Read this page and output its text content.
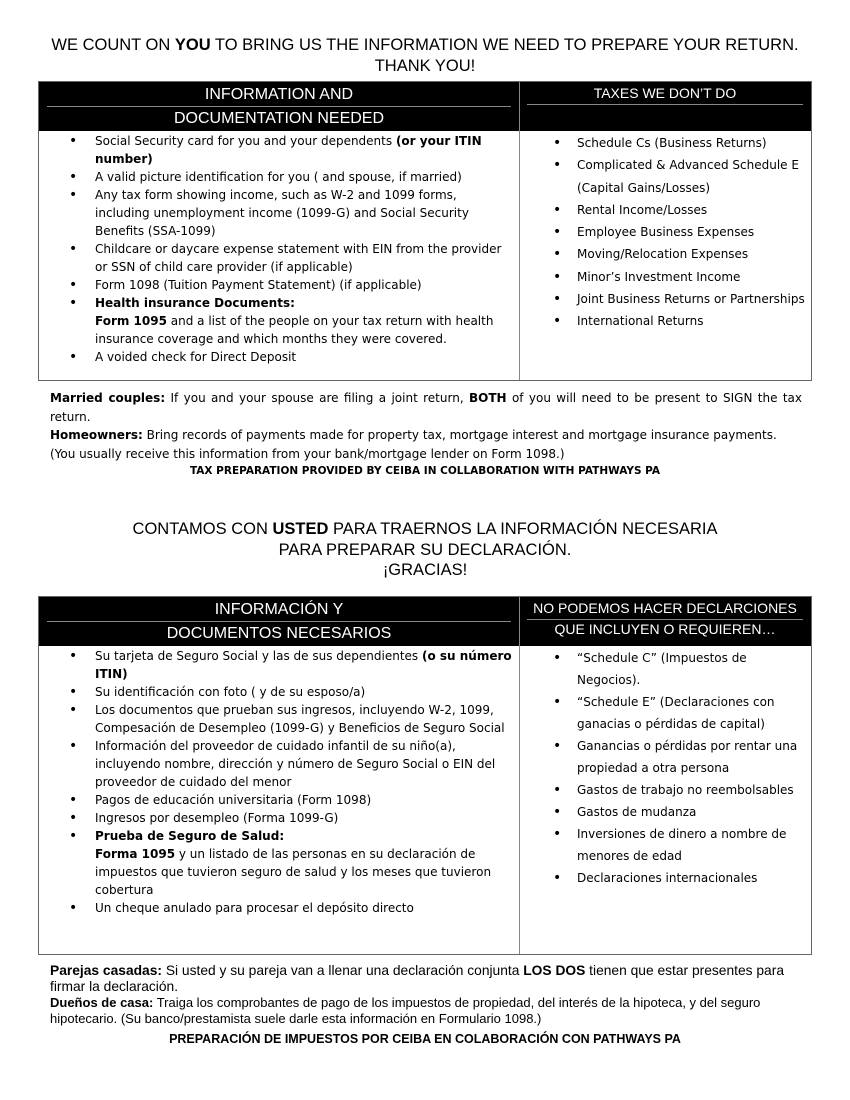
WE COUNT ON YOU TO BRING US THE INFORMATION WE NEED TO PREPARE YOUR RETURN.
THANK YOU!
INFORMATION AND
DOCUMENTATION NEEDED
TAXES WE DON’T DO
• Social Security card for you and your dependents (or your ITIN number)
• A valid picture identification for you ( and spouse, if married)
• Any tax form showing income, such as W-2 and 1099 forms, including unemployment income (1099-G) and Social Security Benefits (SSA-1099)
• Childcare or daycare expense statement with EIN from the provider or SSN of child care provider (if applicable)
• Form 1098 (Tuition Payment Statement) (if applicable)
• Health insurance Documents:
Form 1095 and a list of the people on your tax return with health insurance coverage and which months they were covered.
• A voided check for Direct Deposit
• Schedule Cs (Business Returns)
• Complicated & Advanced Schedule E (Capital Gains/Losses)
• Rental Income/Losses
• Employee Business Expenses
• Moving/Relocation Expenses
• Minor’s Investment Income
• Joint Business Returns or Partnerships
• International Returns
Married couples: If you and your spouse are filing a joint return, BOTH of you will need to be present to SIGN the tax return.
Homeowners: Bring records of payments made for property tax, mortgage interest and mortgage insurance payments. (You usually receive this information from your bank/mortgage lender on Form 1098.)
TAX PREPARATION PROVIDED BY CEIBA IN COLLABORATION WITH PATHWAYS PA
CONTAMOS CON USTED PARA TRAERNOS LA INFORMACIÓN NECESARIA
PARA PREPARAR SU DECLARACIÓN.
¡GRACIAS!
INFORMACIÓN Y
DOCUMENTOS NECESARIOS
NO PODEMOS HACER DECLARCIONES
QUE INCLUYEN O REQUIEREN…
• Su tarjeta de Seguro Social y las de sus dependientes (o su número ITIN)
• Su identificación con foto ( y de su esposo/a)
• Los documentos que prueban sus ingresos, incluyendo W-2, 1099, Compesación de Desempleo (1099-G) y Beneficios de Seguro Social
• Información del proveedor de cuidado infantil de su niño(a), incluyendo nombre, dirección y número de Seguro Social o EIN del proveedor de cuidado del menor
• Pagos de educación universitaria (Form 1098)
• Ingresos por desempleo (Forma 1099-G)
• Prueba de Seguro de Salud:
Forma 1095 y un listado de las personas en su declaración de impuestos que tuvieron seguro de salud y los meses que tuvieron cobertura
• Un cheque anulado para procesar el depósito directo
• “Schedule C” (Impuestos de Negocios).
• “Schedule E” (Declaraciones con ganacias o pérdidas de capital)
• Ganancias o pérdidas por rentar una propiedad a otra persona
• Gastos de trabajo no reembolsables
• Gastos de mudanza
• Inversiones de dinero a nombre de menores de edad
• Declaraciones internacionales
Parejas casadas: Si usted y su pareja van a llenar una declaración conjunta LOS DOS tienen que estar presentes para firmar la declaración.
Dueños de casa: Traiga los comprobantes de pago de los impuestos de propiedad, del interés de la hipoteca, y del seguro hipotecario. (Su banco/prestamista suele darle esta información en Formulario 1098.)
PREPARACIÓN DE IMPUESTOS POR CEIBA EN COLABORACIÓN CON PATHWAYS PA
